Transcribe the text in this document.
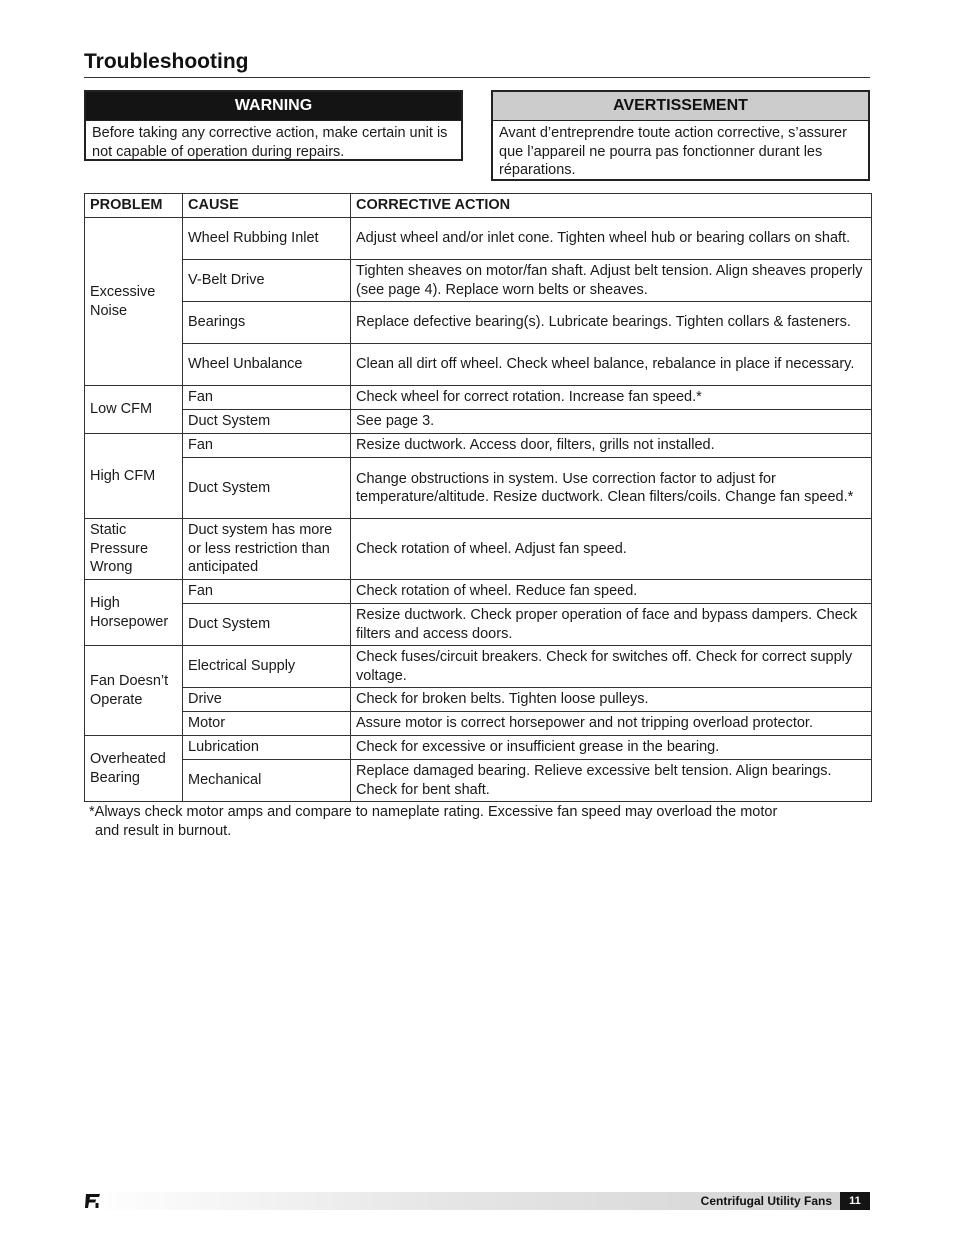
Troubleshooting
WARNING
Before taking any corrective action, make certain unit is not capable of operation during repairs.
AVERTISSEMENT
Avant d’entreprendre toute action corrective, s’assurer que l’appareil ne pourra pas fonctionner durant les réparations.
PROBLEM	CAUSE	CORRECTIVE ACTION
Excessive Noise	Wheel Rubbing Inlet	Adjust wheel and/or inlet cone. Tighten wheel hub or bearing collars on shaft.
	V-Belt Drive	Tighten sheaves on motor/fan shaft. Adjust belt tension. Align sheaves properly (see page 4). Replace worn belts or sheaves.
	Bearings	Replace defective bearing(s). Lubricate bearings. Tighten collars & fasteners.
	Wheel Unbalance	Clean all dirt off wheel. Check wheel balance, rebalance in place if necessary.
Low CFM	Fan	Check wheel for correct rotation. Increase fan speed.*
	Duct System	See page 3.
High CFM	Fan	Resize ductwork. Access door, filters, grills not installed.
	Duct System	Change obstructions in system. Use correction factor to adjust for temperature/altitude. Resize ductwork. Clean filters/coils. Change fan speed.*
Static Pressure Wrong	Duct system has more or less restriction than anticipated	Check rotation of wheel. Adjust fan speed.
High Horsepower	Fan	Check rotation of wheel. Reduce fan speed.
	Duct System	Resize ductwork. Check proper operation of face and bypass dampers. Check filters and access doors.
Fan Doesn’t Operate	Electrical Supply	Check fuses/circuit breakers. Check for switches off. Check for correct supply voltage.
	Drive	Check for broken belts. Tighten loose pulleys.
	Motor	Assure motor is correct horsepower and not tripping overload protector.
Overheated Bearing	Lubrication	Check for excessive or insufficient grease in the bearing.
	Mechanical	Replace damaged bearing. Relieve excessive belt tension. Align bearings. Check for bent shaft.
*Always check motor amps and compare to nameplate rating. Excessive fan speed may overload the motor
and result in burnout.
Centrifugal Utility Fans	11
